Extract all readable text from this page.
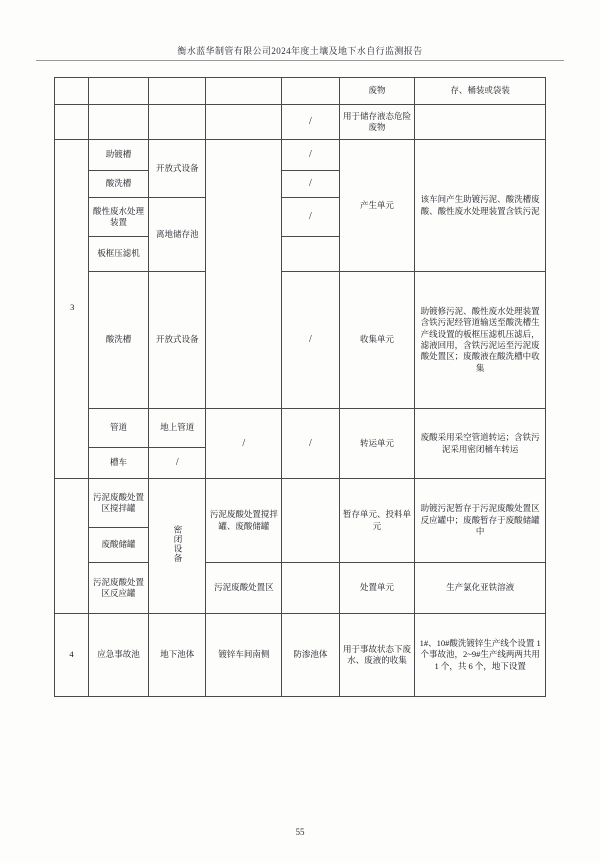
衡水蓝华制管有限公司2024年度土壤及地下水自行监测报告
					废物	存、桶装或袋装
				/	用于储存液态危险废物	
3	助镀槽	开放式设备		/	产生单元	该车间产生助镀污泥、酸洗槽废酸、酸性废水处理装置含铁污泥
	酸洗槽			/		
	酸性废水处理装置	离地储存池		/		
	板框压滤机					
	酸洗槽	开放式设备		/	收集单元	助镀修污泥、酸性废水处理装置含铁污泥经管道输送至酸洗槽生产线设置的板框压滤机压滤后，滤液回用，含铁污泥运至污泥废酸处置区；废酸液在酸洗槽中收集
	管道	地上管道	/	/	转运单元	废酸采用采空管道转运；含铁污泥采用密闭桶车转运
	槽车	/				
	污泥废酸处置区搅拌罐	密闭设备	污泥废酸处置搅拌罐、废酸储罐		暂存单元、投料单元	助镀污泥暂存于污泥废酸处置区反应罐中；废酸暂存于废酸储罐中
	废酸储罐					
	污泥废酸处置区反应罐		污泥废酸处置区		处置单元	生产氯化亚铁溶液
4	应急事故池	地下池体	镀锌车间南侧	防渗池体	用于事故状态下废水、废液的收集	1#、10#酸洗镀锌生产线个设置 1 个事故池，2~9#生产线两两共用 1 个，共 6 个，地下设置
55
